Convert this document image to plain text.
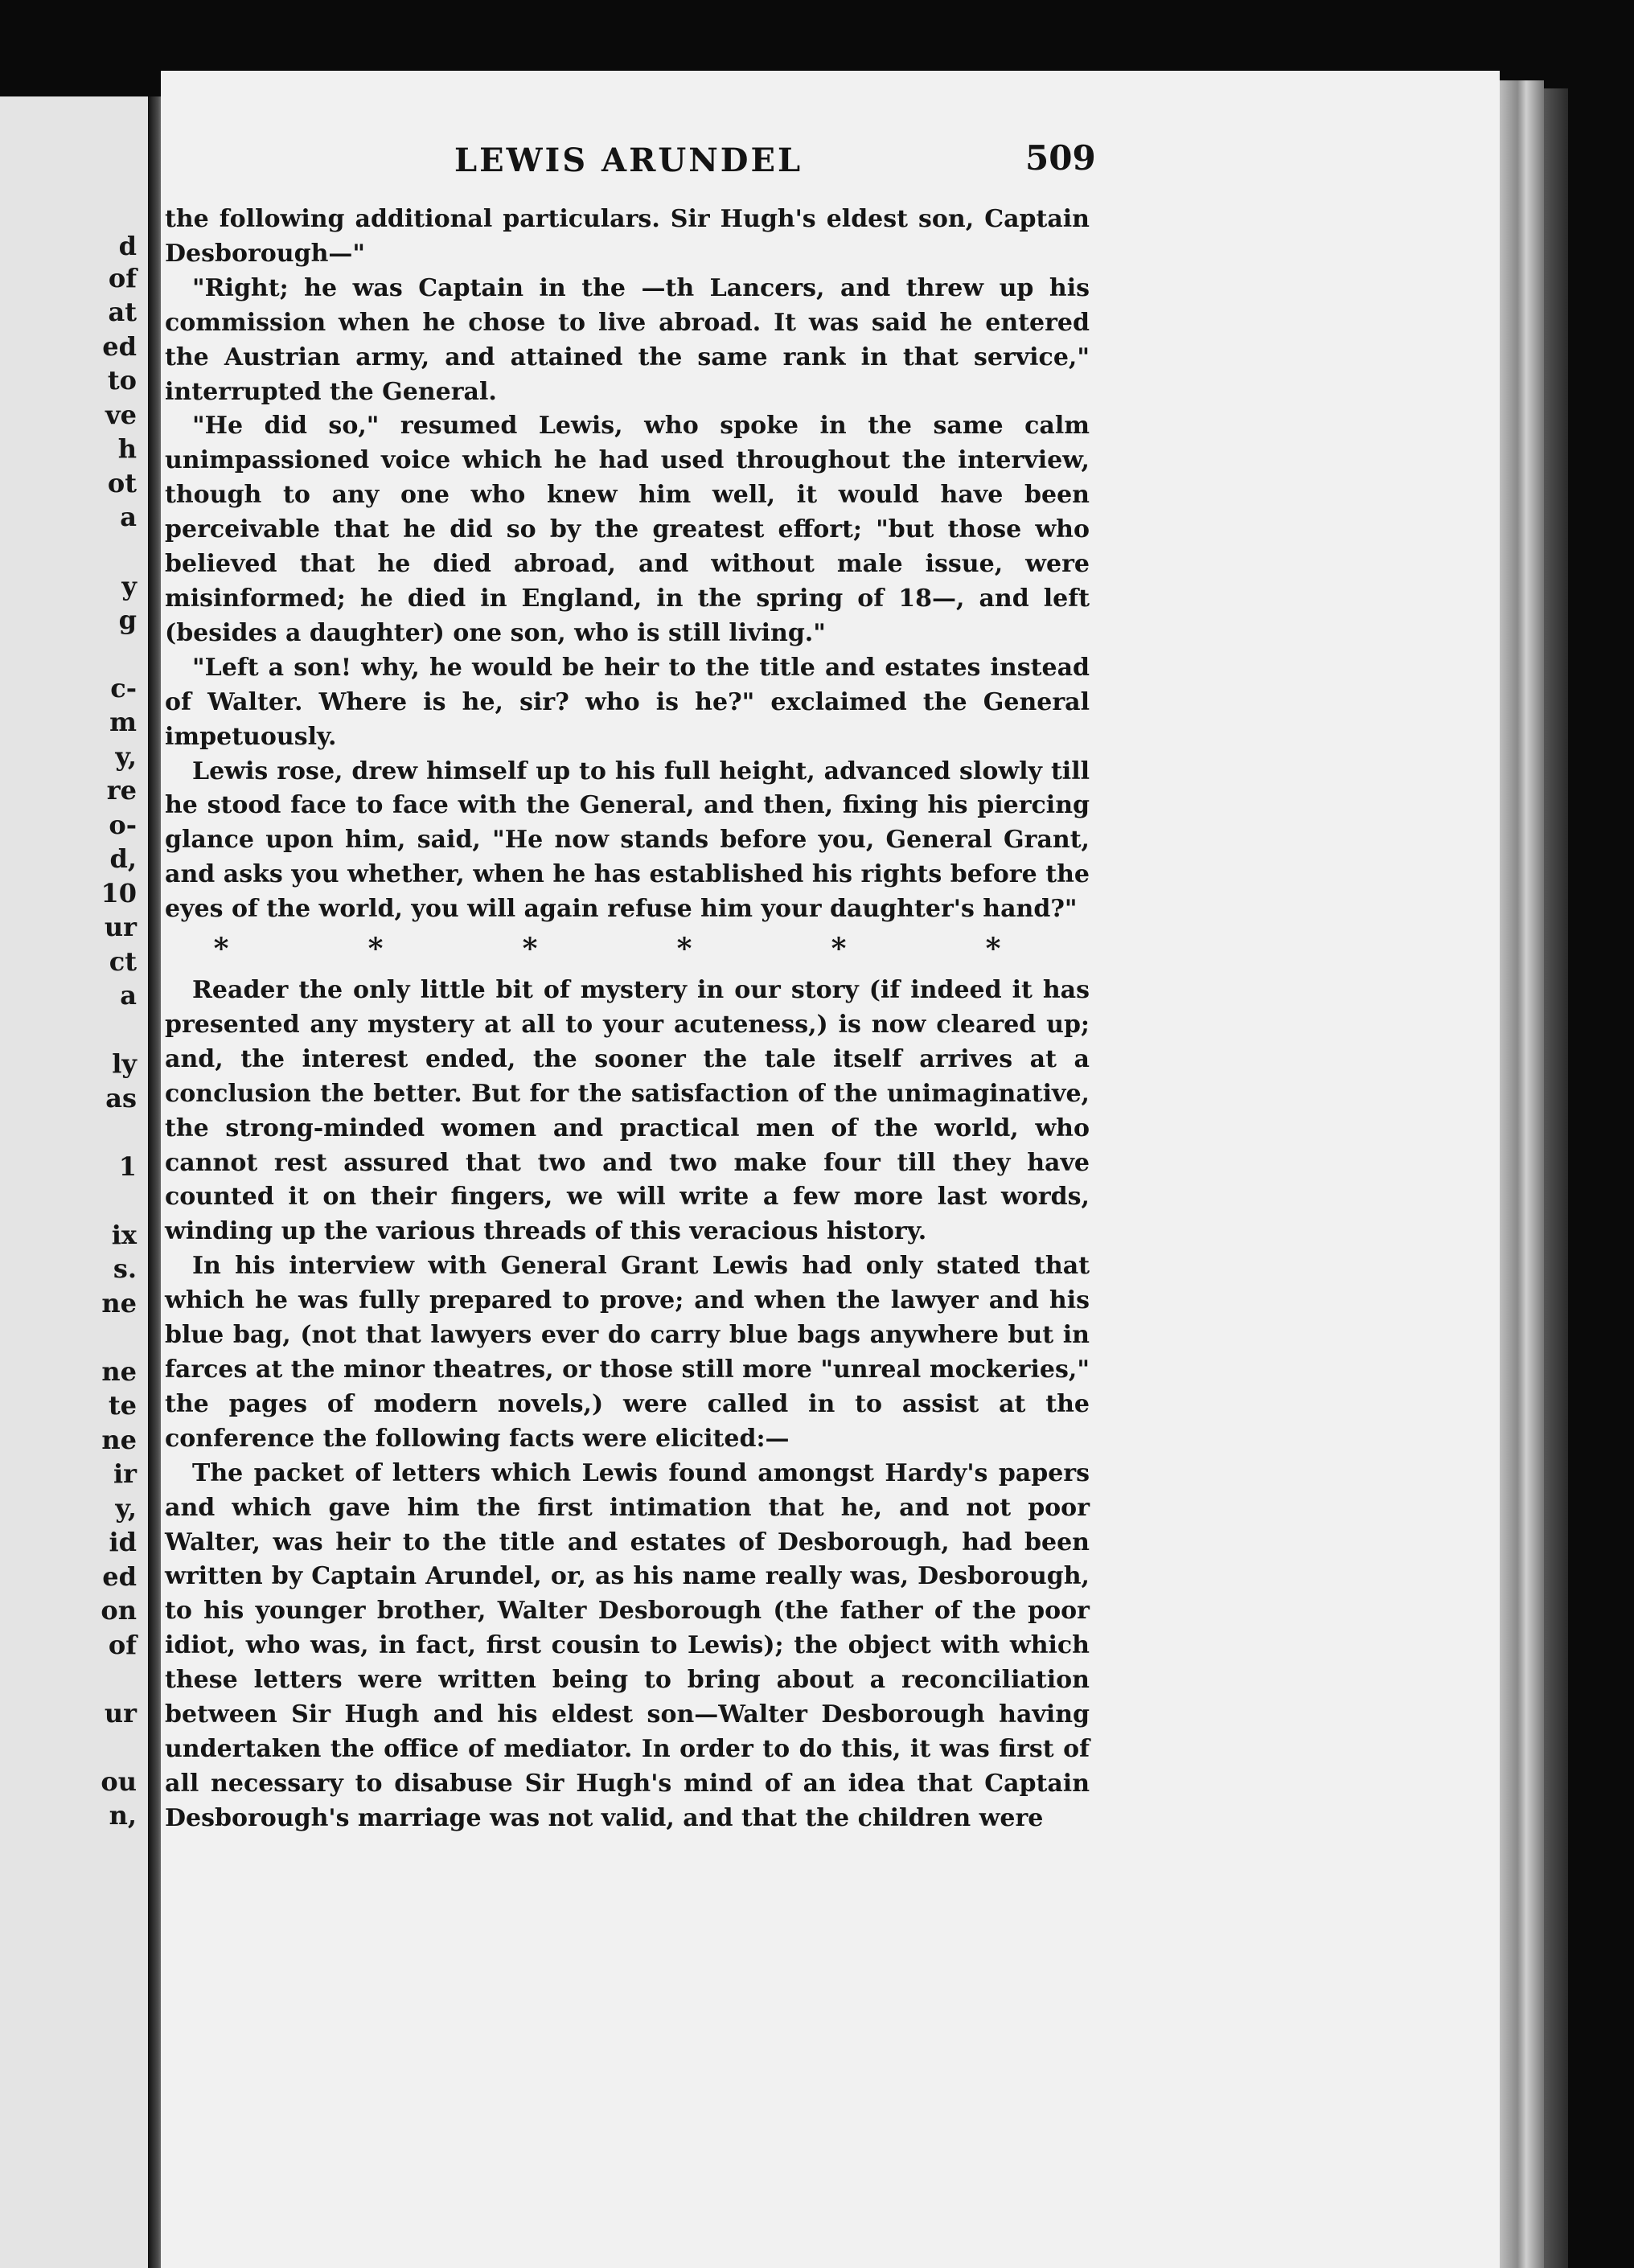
d
of
at
ed
to
ve
h
ot
a
y
g
c-
m
y,
re
o-
d,
10
ur
ct
a
ly
as
1
ix
s.
ne
ne
te
ne
ir
y,
id
ed
on
of
ur
ou
n,
LEWIS ARUNDEL	509

the following additional particulars. Sir Hugh's eldest son, Captain Desborough—"

"Right; he was Captain in the —th Lancers, and threw up his commission when he chose to live abroad. It was said he entered the Austrian army, and attained the same rank in that service," interrupted the General.

"He did so," resumed Lewis, who spoke in the same calm unimpassioned voice which he had used throughout the interview, though to any one who knew him well, it would have been perceivable that he did so by the greatest effort; "but those who believed that he died abroad, and without male issue, were misinformed; he died in England, in the spring of 18—, and left (besides a daughter) one son, who is still living."

"Left a son! why, he would be heir to the title and estates instead of Walter. Where is he, sir? who is he?" exclaimed the General impetuously.

Lewis rose, drew himself up to his full height, advanced slowly till he stood face to face with the General, and then, fixing his piercing glance upon him, said, "He now stands before you, General Grant, and asks you whether, when he has established his rights before the eyes of the world, you will again refuse him your daughter's hand?"

*	*	*	*	*	*

Reader the only little bit of mystery in our story (if indeed it has presented any mystery at all to your acuteness,) is now cleared up; and, the interest ended, the sooner the tale itself arrives at a conclusion the better. But for the satisfaction of the unimaginative, the strong-minded women and practical men of the world, who cannot rest assured that two and two make four till they have counted it on their fingers, we will write a few more last words, winding up the various threads of this veracious history.

In his interview with General Grant Lewis had only stated that which he was fully prepared to prove; and when the lawyer and his blue bag, (not that lawyers ever do carry blue bags anywhere but in farces at the minor theatres, or those still more "unreal mockeries," the pages of modern novels,) were called in to assist at the conference the following facts were elicited:—

The packet of letters which Lewis found amongst Hardy's papers and which gave him the first intimation that he, and not poor Walter, was heir to the title and estates of Desborough, had been written by Captain Arundel, or, as his name really was, Desborough, to his younger brother, Walter Desborough (the father of the poor idiot, who was, in fact, first cousin to Lewis); the object with which these letters were written being to bring about a reconciliation between Sir Hugh and his eldest son—Walter Desborough having undertaken the office of mediator. In order to do this, it was first of all necessary to disabuse Sir Hugh's mind of an idea that Captain Desborough's marriage was not valid, and that the children were
